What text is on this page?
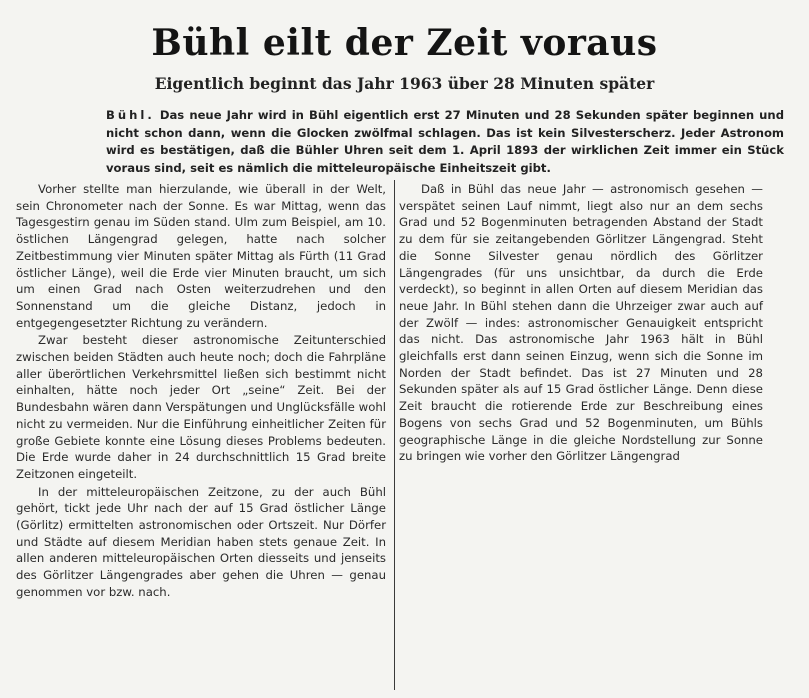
Bühl eilt der Zeit voraus
Eigentlich beginnt das Jahr 1963 über 28 Minuten später

Bühl. Das neue Jahr wird in Bühl eigentlich erst 27 Minuten und 28 Sekunden später beginnen und nicht schon dann, wenn die Glocken zwölfmal schlagen. Das ist kein Silvesterscherz. Jeder Astronom wird es bestätigen, daß die Bühler Uhren seit dem 1. April 1893 der wirklichen Zeit immer ein Stück voraus sind, seit es nämlich die mitteleuropäische Einheitszeit gibt.

Vorher stellte man hierzulande, wie überall in der Welt, sein Chronometer nach der Sonne. Es war Mittag, wenn das Tagesgestirn genau im Süden stand. Ulm zum Beispiel, am 10. östlichen Längengrad gelegen, hatte nach solcher Zeitbestimmung vier Minuten später Mittag als Fürth (11 Grad östlicher Länge), weil die Erde vier Minuten braucht, um sich um einen Grad nach Osten weiterzudrehen und den Sonnenstand um die gleiche Distanz, jedoch in entgegengesetzter Richtung zu verändern.

Zwar besteht dieser astronomische Zeitunterschied zwischen beiden Städten auch heute noch; doch die Fahrpläne aller überörtlichen Verkehrsmittel ließen sich bestimmt nicht einhalten, hätte noch jeder Ort „seine“ Zeit. Bei der Bundesbahn wären dann Verspätungen und Unglücksfälle wohl nicht zu vermeiden. Nur die Einführung einheitlicher Zeiten für große Gebiete konnte eine Lösung dieses Problems bedeuten. Die Erde wurde daher in 24 durchschnittlich 15 Grad breite Zeitzonen eingeteilt.

In der mitteleuropäischen Zeitzone, zu der auch Bühl gehört, tickt jede Uhr nach der auf 15 Grad östlicher Länge (Görlitz) ermittelten astronomischen oder Ortszeit. Nur Dörfer und Städte auf diesem Meridian haben stets genaue Zeit. In allen anderen mitteleuropäischen Orten diesseits und jenseits des Görlitzer Längengrades aber gehen die Uhren — genau genommen vor bzw. nach.

Daß in Bühl das neue Jahr — astronomisch gesehen — verspätet seinen Lauf nimmt, liegt also nur an dem sechs Grad und 52 Bogenminuten betragenden Abstand der Stadt zu dem für sie zeitangebenden Görlitzer Längengrad. Steht die Sonne Silvester genau nördlich des Görlitzer Längengrades (für uns unsichtbar, da durch die Erde verdeckt), so beginnt in allen Orten auf diesem Meridian das neue Jahr. In Bühl stehen dann die Uhrzeiger zwar auch auf der Zwölf — indes: astronomischer Genauigkeit entspricht das nicht. Das astronomische Jahr 1963 hält in Bühl gleichfalls erst dann seinen Einzug, wenn sich die Sonne im Norden der Stadt befindet. Das ist 27 Minuten und 28 Sekunden später als auf 15 Grad östlicher Länge. Denn diese Zeit braucht die rotierende Erde zur Beschreibung eines Bogens von sechs Grad und 52 Bogenminuten, um Bühls geographische Länge in die gleiche Nordstellung zur Sonne zu bringen wie vorher den Görlitzer Längengrad
